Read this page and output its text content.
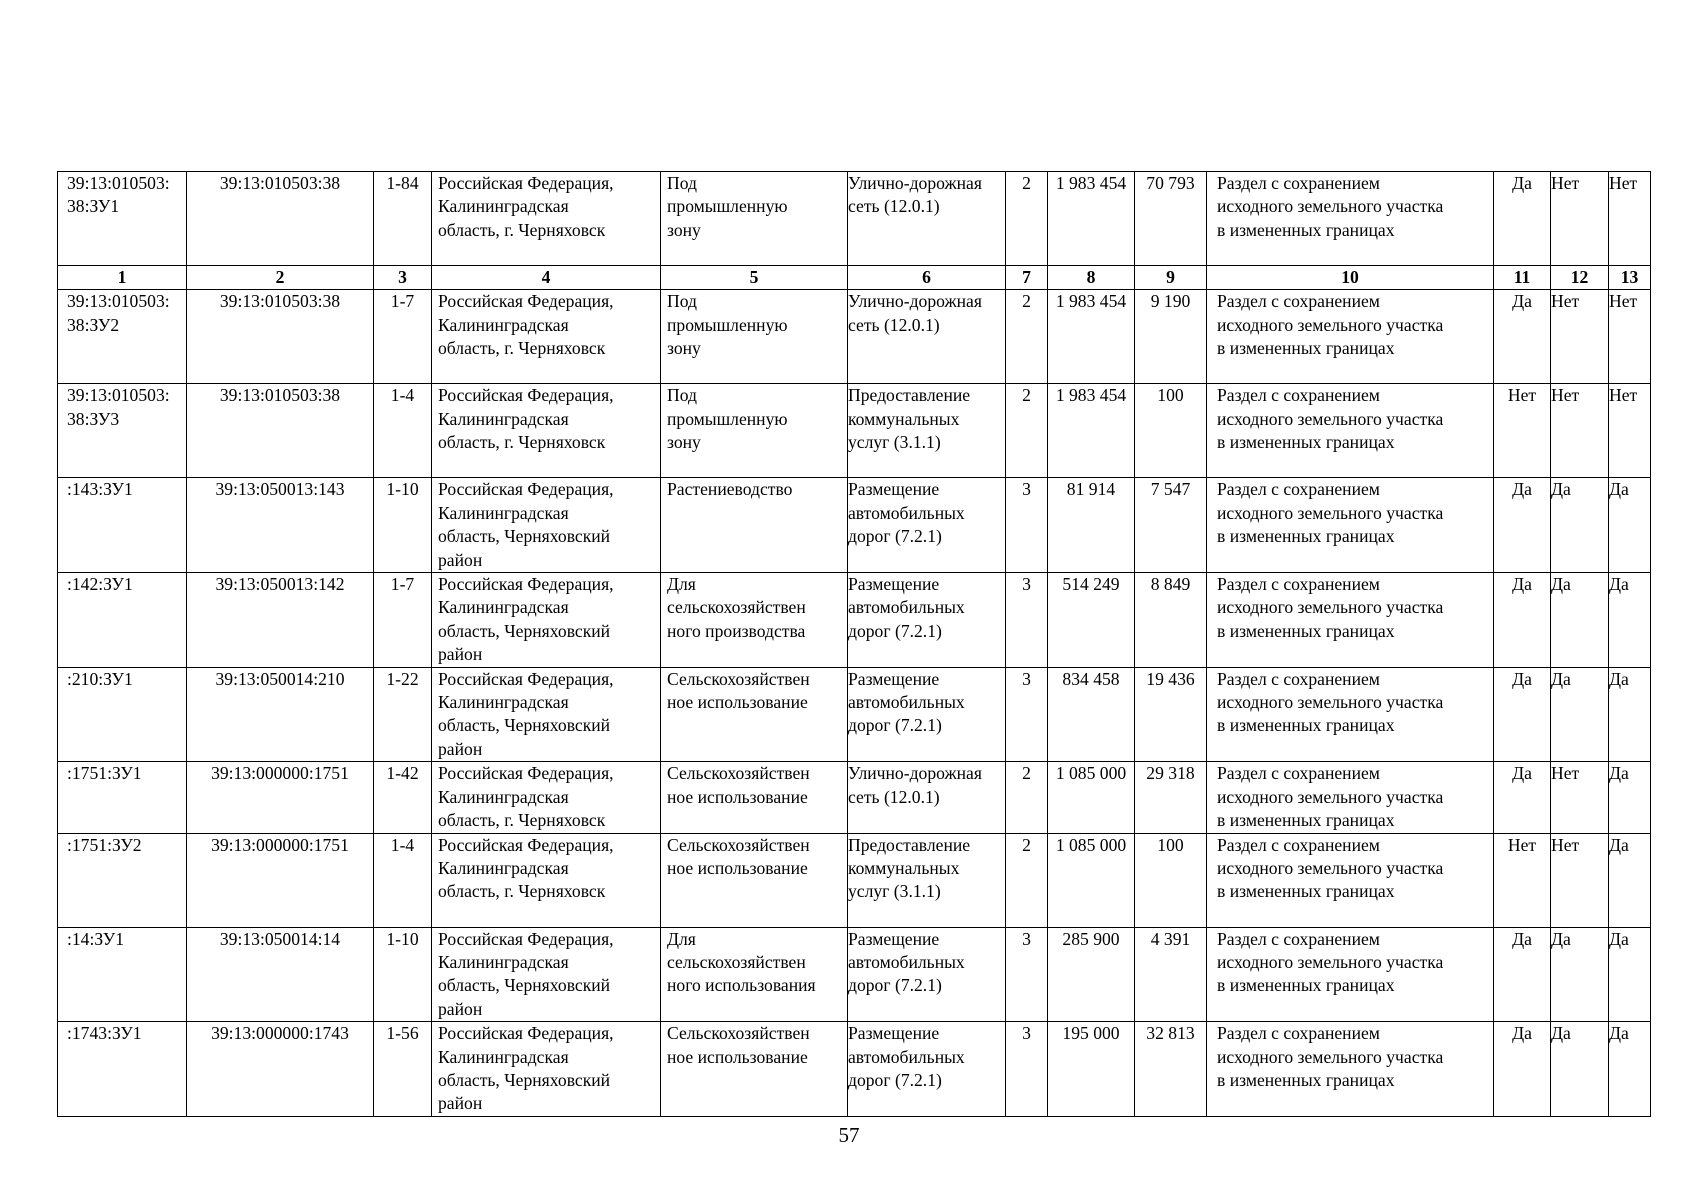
39:13:010503:
38:ЗУ1	39:13:010503:38	1-84	Российская Федерация,
Калининградская
область, г. Черняховск	Под
промышленную
зону	Улично-дорожная
сеть (12.0.1)	2	1 983 454	70 793	Раздел с сохранением
исходного земельного участка
в измененных границах	Да	Нет	Нет
1	2	3	4	5	6	7	8	9	10	11	12	13
39:13:010503:
38:ЗУ2	39:13:010503:38	1-7	Российская Федерация,
Калининградская
область, г. Черняховск	Под
промышленную
зону	Улично-дорожная
сеть (12.0.1)	2	1 983 454	9 190	Раздел с сохранением
исходного земельного участка
в измененных границах	Да	Нет	Нет
39:13:010503:
38:ЗУ3	39:13:010503:38	1-4	Российская Федерация,
Калининградская
область, г. Черняховск	Под
промышленную
зону	Предоставление
коммунальных
услуг (3.1.1)	2	1 983 454	100	Раздел с сохранением
исходного земельного участка
в измененных границах	Нет	Нет	Нет
:143:ЗУ1	39:13:050013:143	1-10	Российская Федерация,
Калининградская
область, Черняховский
район	Растениеводство	Размещение
автомобильных
дорог (7.2.1)	3	81 914	7 547	Раздел с сохранением
исходного земельного участка
в измененных границах	Да	Да	Да
:142:ЗУ1	39:13:050013:142	1-7	Российская Федерация,
Калининградская
область, Черняховский
район	Для
сельскохозяйствен
ного производства	Размещение
автомобильных
дорог (7.2.1)	3	514 249	8 849	Раздел с сохранением
исходного земельного участка
в измененных границах	Да	Да	Да
:210:ЗУ1	39:13:050014:210	1-22	Российская Федерация,
Калининградская
область, Черняховский
район	Сельскохозяйствен
ное использование	Размещение
автомобильных
дорог (7.2.1)	3	834 458	19 436	Раздел с сохранением
исходного земельного участка
в измененных границах	Да	Да	Да
:1751:ЗУ1	39:13:000000:1751	1-42	Российская Федерация,
Калининградская
область, г. Черняховск	Сельскохозяйствен
ное использование	Улично-дорожная
сеть (12.0.1)	2	1 085 000	29 318	Раздел с сохранением
исходного земельного участка
в измененных границах	Да	Нет	Да
:1751:ЗУ2	39:13:000000:1751	1-4	Российская Федерация,
Калининградская
область, г. Черняховск	Сельскохозяйствен
ное использование	Предоставление
коммунальных
услуг (3.1.1)	2	1 085 000	100	Раздел с сохранением
исходного земельного участка
в измененных границах	Нет	Нет	Да
:14:ЗУ1	39:13:050014:14	1-10	Российская Федерация,
Калининградская
область, Черняховский
район	Для
сельскохозяйствен
ного использования	Размещение
автомобильных
дорог (7.2.1)	3	285 900	4 391	Раздел с сохранением
исходного земельного участка
в измененных границах	Да	Да	Да
:1743:ЗУ1	39:13:000000:1743	1-56	Российская Федерация,
Калининградская
область, Черняховский
район	Сельскохозяйствен
ное использование	Размещение
автомобильных
дорог (7.2.1)	3	195 000	32 813	Раздел с сохранением
исходного земельного участка
в измененных границах	Да	Да	Да
57
